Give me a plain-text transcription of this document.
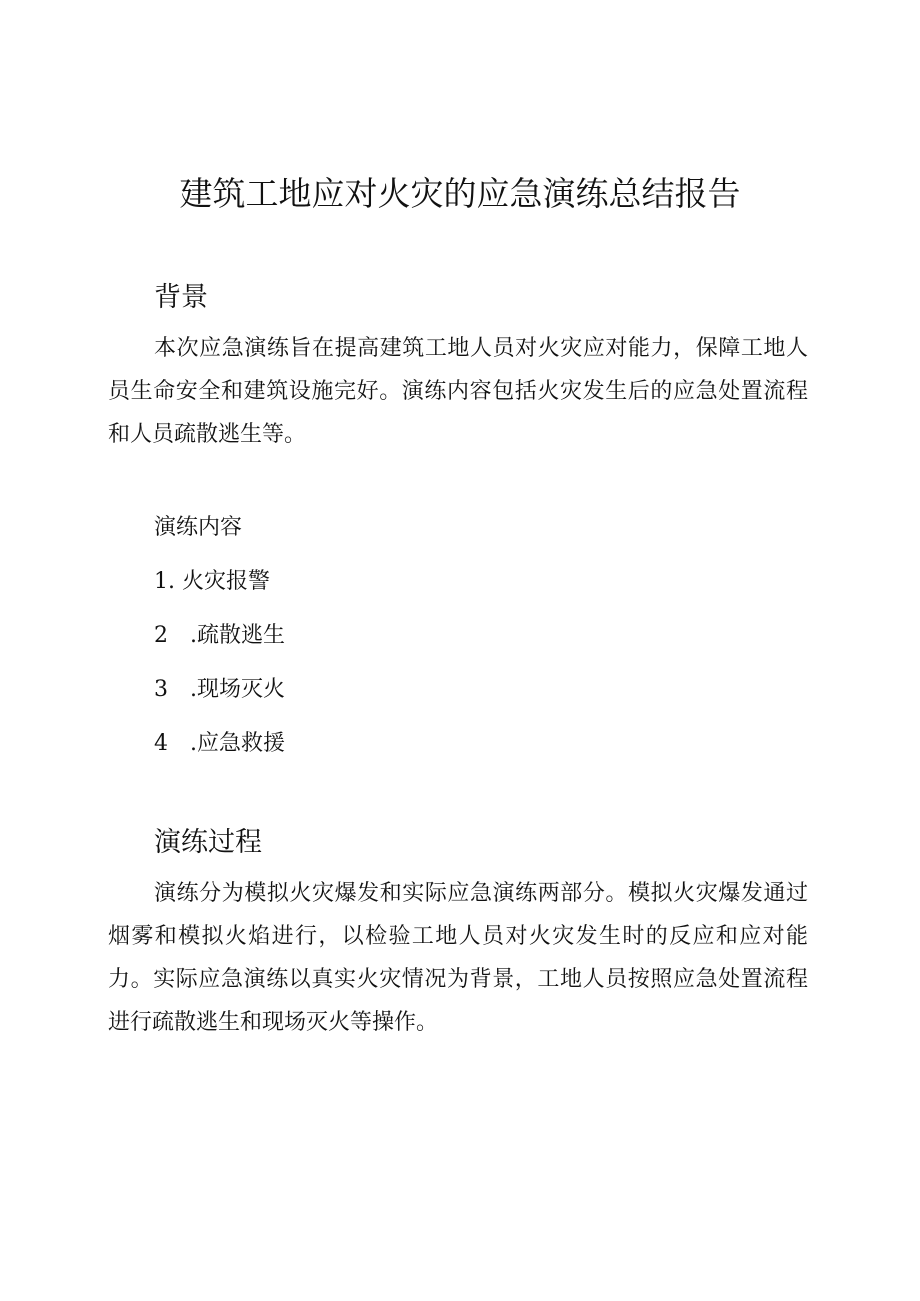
建筑工地应对火灾的应急演练总结报告
背景

本次应急演练旨在提高建筑工地人员对火灾应对能力，保障工地人员生命安全和建筑设施完好。演练内容包括火灾发生后的应急处置流程和人员疏散逃生等。

演练内容
1. 火灾报警
2　.疏散逃生
3　.现场灭火
4　.应急救援
演练过程

演练分为模拟火灾爆发和实际应急演练两部分。模拟火灾爆发通过烟雾和模拟火焰进行，以检验工地人员对火灾发生时的反应和应对能力。实际应急演练以真实火灾情况为背景，工地人员按照应急处置流程进行疏散逃生和现场灭火等操作。
